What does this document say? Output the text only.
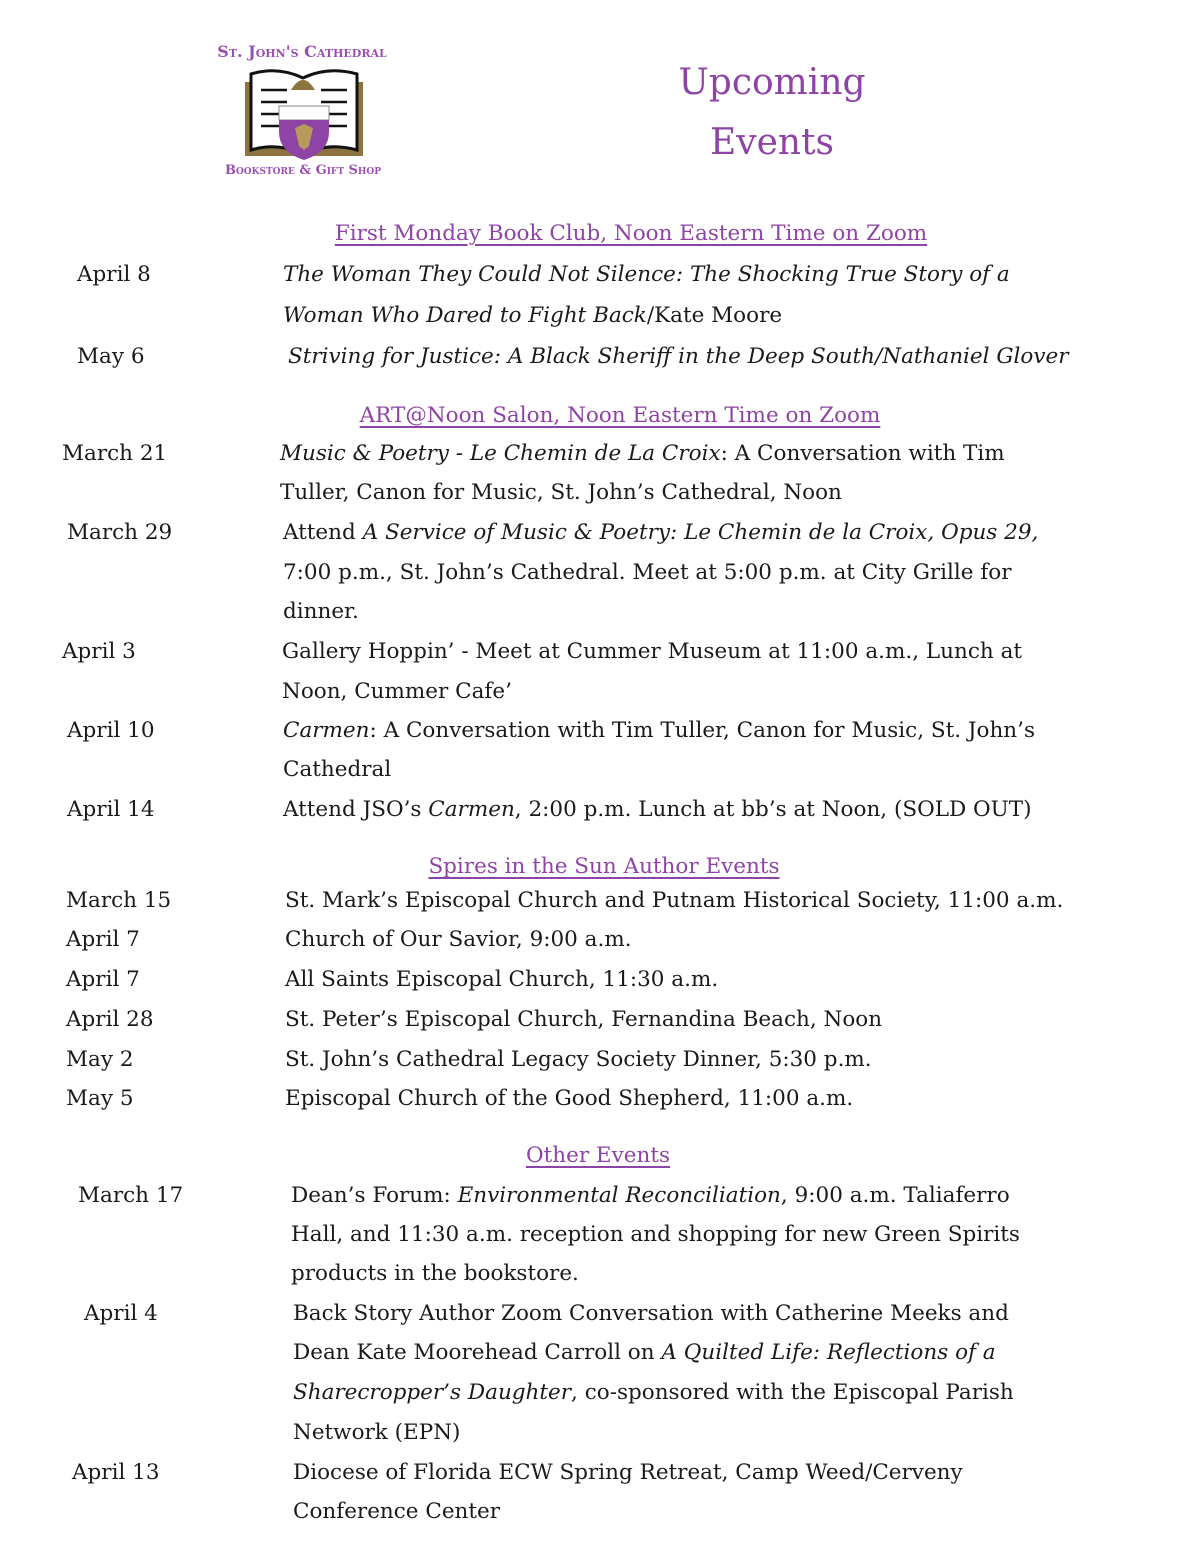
St. John's Cathedral
Bookstore & Gift Shop
Upcoming
Events
First Monday Book Club, Noon Eastern Time on Zoom
April 8	The Woman They Could Not Silence: The Shocking True Story of a
Woman Who Dared to Fight Back/Kate Moore
May 6	Striving for Justice: A Black Sheriff in the Deep South/Nathaniel Glover
ART@Noon Salon, Noon Eastern Time on Zoom
March 21	Music & Poetry - Le Chemin de La Croix: A Conversation with Tim
Tuller, Canon for Music, St. John’s Cathedral, Noon
March 29	Attend A Service of Music & Poetry: Le Chemin de la Croix, Opus 29,
7:00 p.m., St. John’s Cathedral. Meet at 5:00 p.m. at City Grille for
dinner.
April 3	Gallery Hoppin’ - Meet at Cummer Museum at 11:00 a.m., Lunch at
Noon, Cummer Cafe’
April 10	Carmen: A Conversation with Tim Tuller, Canon for Music, St. John’s
Cathedral
April 14	Attend JSO’s Carmen, 2:00 p.m. Lunch at bb’s at Noon, (SOLD OUT)
Spires in the Sun Author Events
March 15	St. Mark’s Episcopal Church and Putnam Historical Society, 11:00 a.m.
April 7	Church of Our Savior, 9:00 a.m.
April 7	All Saints Episcopal Church, 11:30 a.m.
April 28	St. Peter’s Episcopal Church, Fernandina Beach, Noon
May 2	St. John’s Cathedral Legacy Society Dinner, 5:30 p.m.
May 5	Episcopal Church of the Good Shepherd, 11:00 a.m.
Other Events
March 17	Dean’s Forum: Environmental Reconciliation, 9:00 a.m. Taliaferro
Hall, and 11:30 a.m. reception and shopping for new Green Spirits
products in the bookstore.
April 4	Back Story Author Zoom Conversation with Catherine Meeks and
Dean Kate Moorehead Carroll on A Quilted Life: Reflections of a
Sharecropper’s Daughter, co-sponsored with the Episcopal Parish
Network (EPN)
April 13	Diocese of Florida ECW Spring Retreat, Camp Weed/Cerveny
Conference Center
